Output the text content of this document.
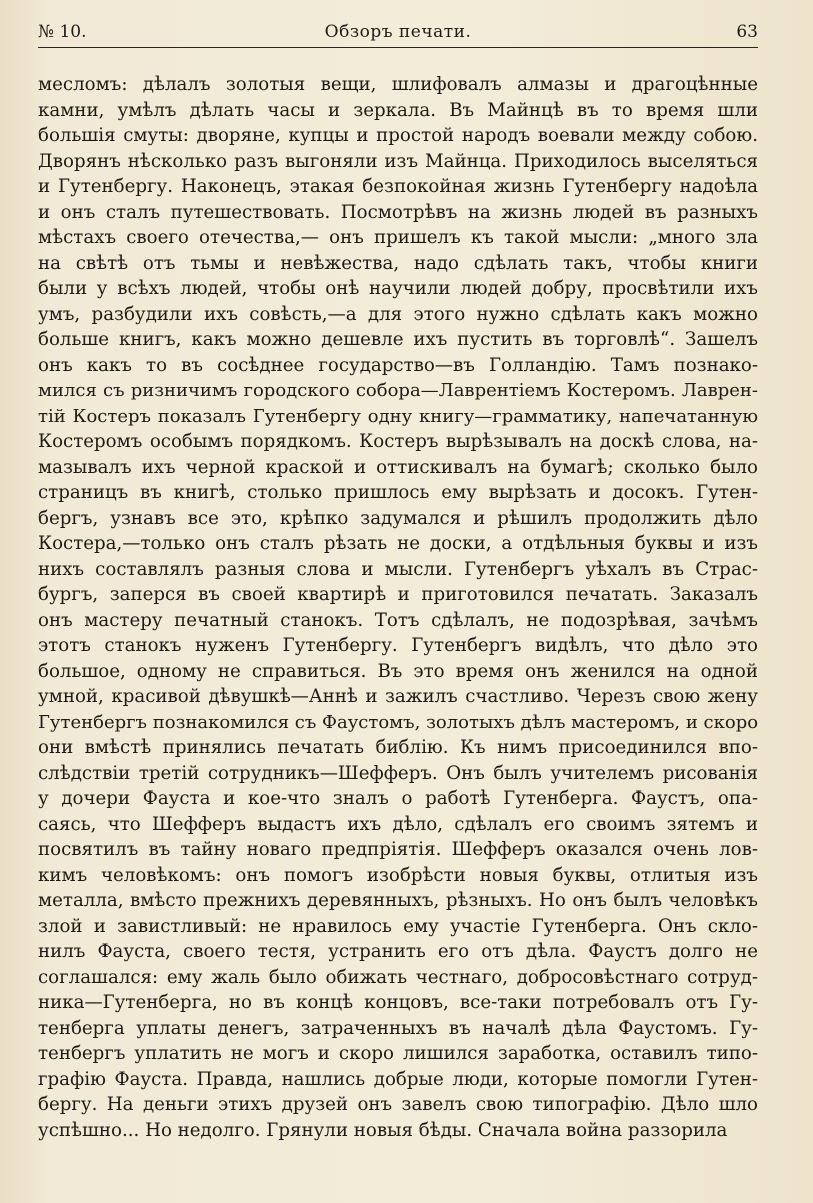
№ 10.	Обзоръ печати.	63
месломъ: дѣлалъ золотыя вещи, шлифовалъ алмазы и драгоцѣнные
камни, умѣлъ дѣлать часы и зеркала. Въ Майнцѣ въ то время шли
большія смуты: дворяне, купцы и простой народъ воевали между собою.
Дворянъ нѣсколько разъ выгоняли изъ Майнца. Приходилось выселяться
и Гутенбергу. Наконецъ, этакая безпокойная жизнь Гутенбергу надоѣла
и онъ сталъ путешествовать. Посмотрѣвъ на жизнь людей въ разныхъ
мѣстахъ своего отечества,— онъ пришелъ къ такой мысли: „много зла
на свѣтѣ отъ тьмы и невѣжества, надо сдѣлать такъ, чтобы книги
были у всѣхъ людей, чтобы онѣ научили людей добру, просвѣтили ихъ
умъ, разбудили ихъ совѣсть,—а для этого нужно сдѣлать какъ можно
больше книгъ, какъ можно дешевле ихъ пустить въ торговлѣ“. Зашелъ
онъ какъ то въ сосѣднее государство—въ Голландію. Тамъ познако-
мился съ ризничимъ городского собора—Лаврентіемъ Костеромъ. Лаврен-
тій Костеръ показалъ Гутенбергу одну книгу—грамматику, напечатанную
Костеромъ особымъ порядкомъ. Костеръ вырѣзывалъ на доскѣ слова, на-
мазывалъ ихъ черной краской и оттискивалъ на бумагѣ; сколько было
страницъ въ книгѣ, столько пришлось ему вырѣзать и досокъ. Гутен-
бергъ, узнавъ все это, крѣпко задумался и рѣшилъ продолжить дѣло
Костера,—только онъ сталъ рѣзать не доски, а отдѣльныя буквы и изъ
нихъ составлялъ разныя слова и мысли. Гутенбергъ уѣхалъ въ Страс-
бургъ, заперся въ своей квартирѣ и приготовился печатать. Заказалъ
онъ мастеру печатный станокъ. Тотъ сдѣлалъ, не подозрѣвая, зачѣмъ
этотъ станокъ нуженъ Гутенбергу. Гутенбергъ видѣлъ, что дѣло это
большое, одному не справиться. Въ это время онъ женился на одной
умной, красивой дѣвушкѣ—Аннѣ и зажилъ счастливо. Черезъ свою жену
Гутенбергъ познакомился съ Фаустомъ, золотыхъ дѣлъ мастеромъ, и скоро
они вмѣстѣ принялись печатать библію. Къ нимъ присоединился впо-
слѣдствіи третій сотрудникъ—Шефферъ. Онъ былъ учителемъ рисованія
у дочери Фауста и кое-что зналъ о работѣ Гутенберга. Фаустъ, опа-
саясь, что Шефферъ выдастъ ихъ дѣло, сдѣлалъ его своимъ зятемъ и
посвятилъ въ тайну новаго предпріятія. Шефферъ оказался очень лов-
кимъ человѣкомъ: онъ помогъ изобрѣсти новыя буквы, отлитыя изъ
металла, вмѣсто прежнихъ деревянныхъ, рѣзныхъ. Но онъ былъ человѣкъ
злой и завистливый: не нравилось ему участіе Гутенберга. Онъ скло-
нилъ Фауста, своего тестя, устранить его отъ дѣла. Фаустъ долго не
соглашался: ему жаль было обижать честнаго, добросовѣстнаго сотруд-
ника—Гутенберга, но въ концѣ концовъ, все-таки потребовалъ отъ Гу-
тенберга уплаты денегъ, затраченныхъ въ началѣ дѣла Фаустомъ. Гу-
тенбергъ уплатить не могъ и скоро лишился заработка, оставилъ типо-
графію Фауста. Правда, нашлись добрые люди, которые помогли Гутен-
бергу. На деньги этихъ друзей онъ завелъ свою типографію. Дѣло шло
успѣшно... Но недолго. Грянули новыя бѣды. Сначала война раззорила
